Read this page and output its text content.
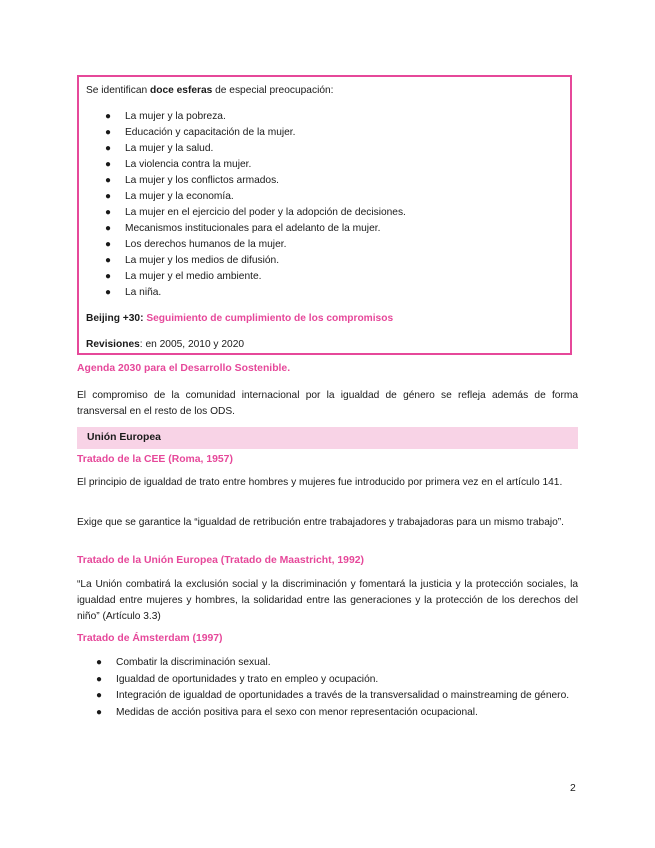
Se identifican doce esferas de especial preocupación:

● La mujer y la pobreza.
● Educación y capacitación de la mujer.
● La mujer y la salud.
● La violencia contra la mujer.
● La mujer y los conflictos armados.
● La mujer y la economía.
● La mujer en el ejercicio del poder y la adopción de decisiones.
● Mecanismos institucionales para el adelanto de la mujer.
● Los derechos humanos de la mujer.
● La mujer y los medios de difusión.
● La mujer y el medio ambiente.
● La niña.

Beijing +30: Seguimiento de cumplimiento de los compromisos

Revisiones: en 2005, 2010 y 2020

Agenda 2030 para el Desarrollo Sostenible.
El compromiso de la comunidad internacional por la igualdad de género se refleja además de forma transversal en el resto de los ODS.
Unión Europea
Tratado de la CEE (Roma, 1957)
El principio de igualdad de trato entre hombres y mujeres fue introducido por primera vez en el artículo 141.
Exige que se garantice la “igualdad de retribución entre trabajadores y trabajadoras para un mismo trabajo”.
Tratado de la Unión Europea (Tratado de Maastricht, 1992)
“La Unión combatirá la exclusión social y la discriminación y fomentará la justicia y la protección sociales, la igualdad entre mujeres y hombres, la solidaridad entre las generaciones y la protección de los derechos del niño” (Artículo 3.3)
Tratado de Ámsterdam (1997)
● Combatir la discriminación sexual.
● Igualdad de oportunidades y trato en empleo y ocupación.
● Integración de igualdad de oportunidades a través de la transversalidad o mainstreaming de género.
● Medidas de acción positiva para el sexo con menor representación ocupacional.
2
